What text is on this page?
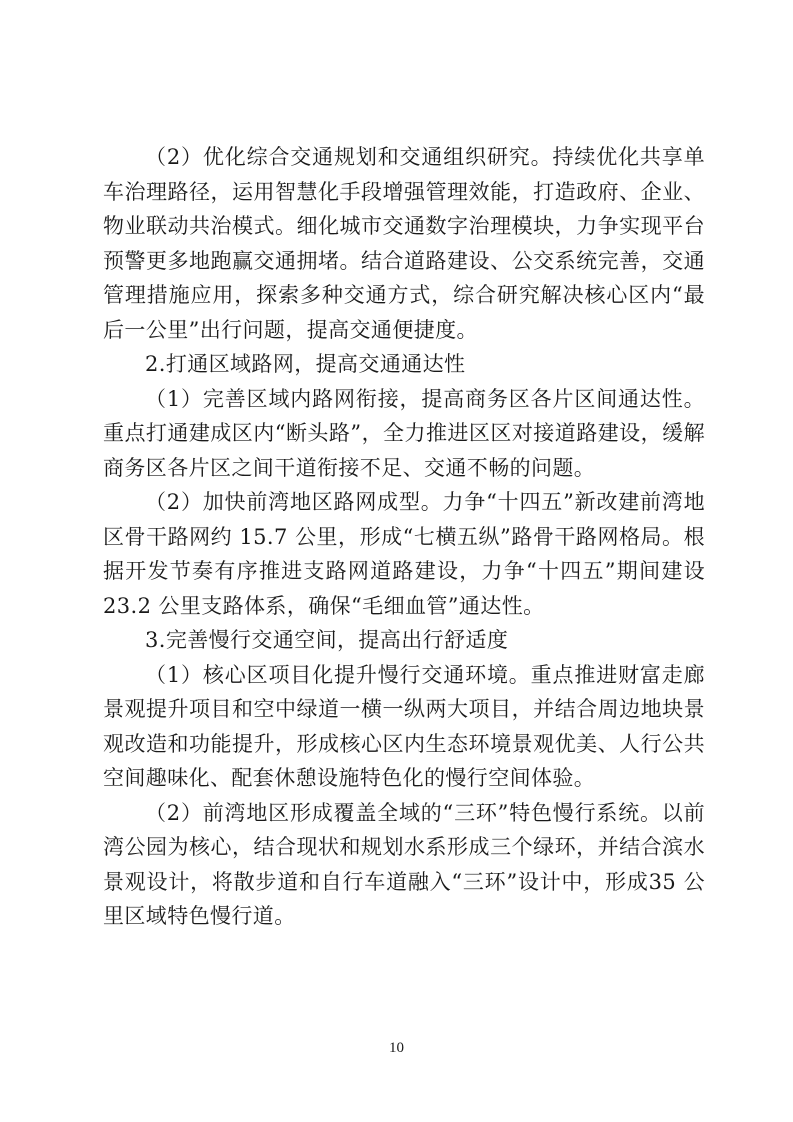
（2）优化综合交通规划和交通组织研究。持续优化共享单车治理路径，运用智慧化手段增强管理效能，打造政府、企业、物业联动共治模式。细化城市交通数字治理模块，力争实现平台预警更多地跑赢交通拥堵。结合道路建设、公交系统完善，交通管理措施应用，探索多种交通方式，综合研究解决核心区内“最后一公里”出行问题，提高交通便捷度。

2.打通区域路网，提高交通通达性

（1）完善区域内路网衔接，提高商务区各片区间通达性。重点打通建成区内“断头路”，全力推进区区对接道路建设，缓解商务区各片区之间干道衔接不足、交通不畅的问题。

（2）加快前湾地区路网成型。力争“十四五”新改建前湾地区骨干路网约 15.7 公里，形成“七横五纵”路骨干路网格局。根据开发节奏有序推进支路网道路建设，力争“十四五”期间建设 23.2 公里支路体系，确保“毛细血管”通达性。

3.完善慢行交通空间，提高出行舒适度

（1）核心区项目化提升慢行交通环境。重点推进财富走廊景观提升项目和空中绿道一横一纵两大项目，并结合周边地块景观改造和功能提升，形成核心区内生态环境景观优美、人行公共空间趣味化、配套休憩设施特色化的慢行空间体验。

（2）前湾地区形成覆盖全域的“三环”特色慢行系统。以前湾公园为核心，结合现状和规划水系形成三个绿环，并结合滨水景观设计，将散步道和自行车道融入“三环”设计中，形成35 公里区域特色慢行道。

10
